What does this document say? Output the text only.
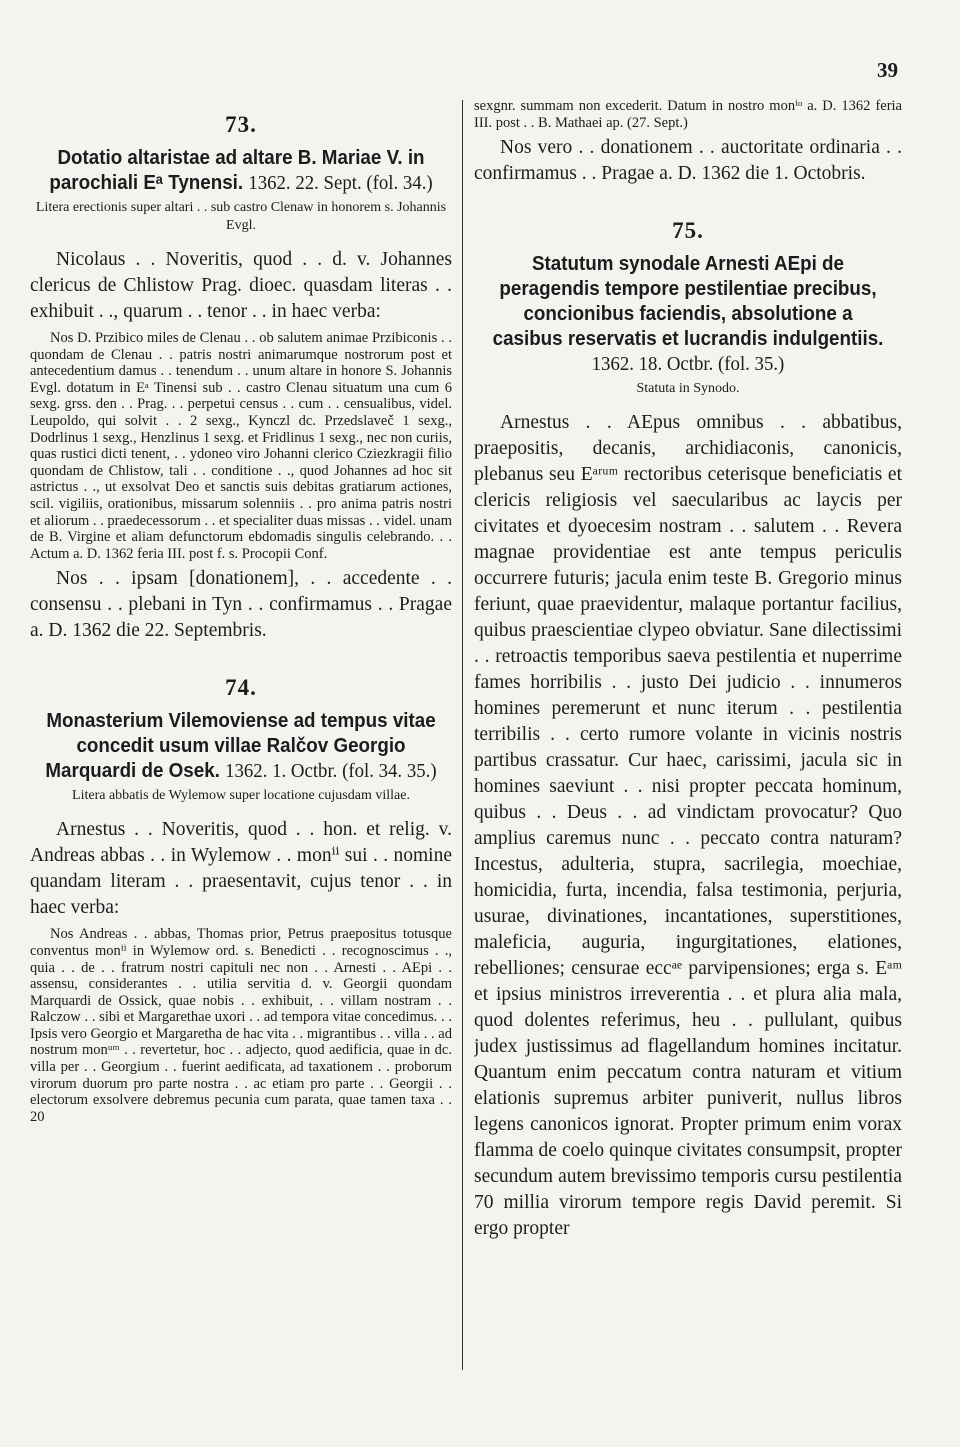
39
73.
Dotatio altaristae ad altare B. Mariae V. in parochiali Eᵃ Tynensi. 1362. 22. Sept. (fol. 34.)
Litera erectionis super altari . . sub castro Clenaw in honorem s. Johannis Evgl.

Nicolaus . . Noveritis, quod . . d. v. Johannes clericus de Chlistow Prag. dioec. quasdam literas . . exhibuit . ., quarum . . tenor . . in haec verba:

Nos D. Przibico miles de Clenau . . ob salutem animae Przibiconis . . quondam de Clenau . . patris nostri animarumque nostrorum post et antecedentium damus . . tenendum . . unum altare in honore S. Johannis Evgl. dotatum in Eᵃ Tinensi sub . . castro Clenau situatum una cum 6 sexg. grss. den . . Prag. . . perpetui census . . cum . . censualibus, videl. Leupoldo, qui solvit . . 2 sexg., Kynczl dc. Przedslaveč 1 sexg., Dodrlinus 1 sexg., Henzlinus 1 sexg. et Fridlinus 1 sexg., nec non curiis, quas rustici dicti tenent, . . ydoneo viro Johanni clerico Cziezkragii filio quondam de Chlistow, tali . . conditione . ., quod Johannes ad hoc sit astrictus . ., ut exsolvat Deo et sanctis suis debitas gratiarum actiones, scil. vigiliis, orationibus, missarum solenniis . . pro anima patris nostri et aliorum . . praedecessorum . . et specialiter duas missas . . videl. unam de B. Virgine et aliam defunctorum ebdomadis singulis celebrando. . . Actum a. D. 1362 feria III. post f. s. Procopii Conf.

Nos . . ipsam [donationem], . . accedente . . consensu . . plebani in Tyn . . confirmamus . . Pragae a. D. 1362 die 22. Septembris.

74.
Monasterium Vilemoviense ad tempus vitae concedit usum villae Ralčov Georgio Marquardi de Osek. 1362. 1. Octbr. (fol. 34. 35.)
Litera abbatis de Wylemow super locatione cujusdam villae.

Arnestus . . Noveritis, quod . . hon. et relig. v. Andreas abbas . . in Wylemow . . monⁱⁱ sui . . nomine quandam literam . . praesentavit, cujus tenor . . in haec verba:

Nos Andreas . . abbas, Thomas prior, Petrus praepositus totusque conventus monⁱⁱ in Wylemow ord. s. Benedicti . . recognoscimus . ., quia . . de . . fratrum nostri capituli nec non . . Arnesti . . AEpi . . assensu, considerantes . . utilia servitia d. v. Georgii quondam Marquardi de Ossick, quae nobis . . exhibuit, . . villam nostram . . Ralczow . . sibi et Margarethae uxori . . ad tempora vitae concedimus. . . Ipsis vero Georgio et Margaretha de hac vita . . migrantibus . . villa . . ad nostrum monᵘᵐ . . revertetur, hoc . . adjecto, quod aedificia, quae in dc. villa per . . Georgium . . fuerint aedificata, ad taxationem . . proborum virorum duorum pro parte nostra . . ac etiam pro parte . . Georgii . . electorum exsolvere debremus pecunia cum parata, quae tamen taxa . . 20

sexgnr. summam non excederit. Datum in nostro monⁱᵒ a. D. 1362 feria III. post . . B. Mathaei ap. (27. Sept.)

Nos vero . . donationem . . auctoritate ordinaria . . confirmamus . . Pragae a. D. 1362 die 1. Octobris.

75.
Statutum synodale Arnesti AEpi de peragendis tempore pestilentiae precibus, concionibus faciendis, absolutione a casibus reservatis et lucrandis indulgentiis. 1362. 18. Octbr. (fol. 35.)
Statuta in Synodo.

Arnestus . . AEpus omnibus . . abbatibus, praepositis, decanis, archidiaconis, canonicis, plebanus seu Eᵃʳᵘᵐ rectoribus ceterisque beneficiatis et clericis religiosis vel saecularibus ac laycis per civitates et dyoecesim nostram . . salutem . . Revera magnae providentiae est ante tempus periculis occurrere futuris; jacula enim teste B. Gregorio minus feriunt, quae praevidentur, malaque portantur facilius, quibus praescientiae clypeo obviatur. Sane dilectissimi . . retroactis temporibus saeva pestilentia et nuperrime fames horribilis . . justo Dei judicio . . innumeros homines peremerunt et nunc iterum . . pestilentia terribilis . . certo rumore volante in vicinis nostris partibus crassatur. Cur haec, carissimi, jacula sic in homines saeviunt . . nisi propter peccata hominum, quibus . . Deus . . ad vindictam provocatur? Quo amplius caremus nunc . . peccato contra naturam? Incestus, adulteria, stupra, sacrilegia, moechiae, homicidia, furta, incendia, falsa testimonia, perjuria, usurae, divinationes, incantationes, superstitiones, maleficia, auguria, ingurgitationes, elationes, rebelliones; censurae eccᵃᵉ parvipensiones; erga s. Eᵃᵐ et ipsius ministros irreverentia . . et plura alia mala, quod dolentes referimus, heu . . pullulant, quibus judex justissimus ad flagellandum homines incitatur. Quantum enim peccatum contra naturam et vitium elationis supremus arbiter puniverit, nullus libros legens canonicos ignorat. Propter primum enim vorax flamma de coelo quinque civitates consumpsit, propter secundum autem brevissimo temporis cursu pestilentia 70 millia virorum tempore regis David peremit. Si ergo propter
